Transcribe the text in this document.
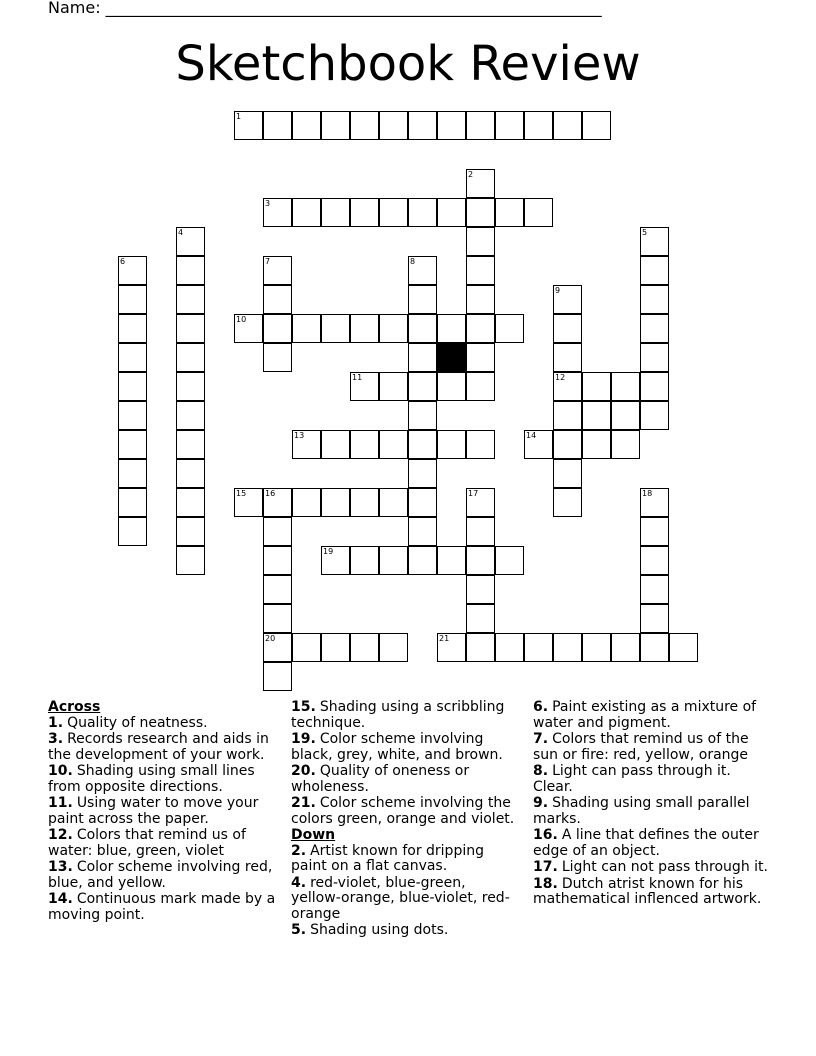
Name: ______________________________________________________________
Sketchbook Review
1
2
3
4	5
6	7	8
9
12
10
11
13	14
15 16
20
17	18
19
21
Across
1. Quality of neatness.
3. Records research and aids in the development of your work.
10. Shading using small lines from opposite directions.
11. Using water to move your paint across the paper.
12. Colors that remind us of water: blue, green, violet
13. Color scheme involving red, blue, and yellow.
14. Continuous mark made by a moving point.
15. Shading using a scribbling technique.
19. Color scheme involving black, grey, white, and brown.
20. Quality of oneness or wholeness.
21. Color scheme involving the colors green, orange and violet.
Down
2. Artist known for dripping paint on a flat canvas.
4. red-violet, blue-green, yellow-orange, blue-violet, red-orange
5. Shading using dots.
6. Paint existing as a mixture of water and pigment.
7. Colors that remind us of the sun or fire: red, yellow, orange
8. Light can pass through it. Clear.
9. Shading using small parallel marks.
16. A line that defines the outer edge of an object.
17. Light can not pass through it.
18. Dutch atrist known for his mathematical inflenced artwork.
